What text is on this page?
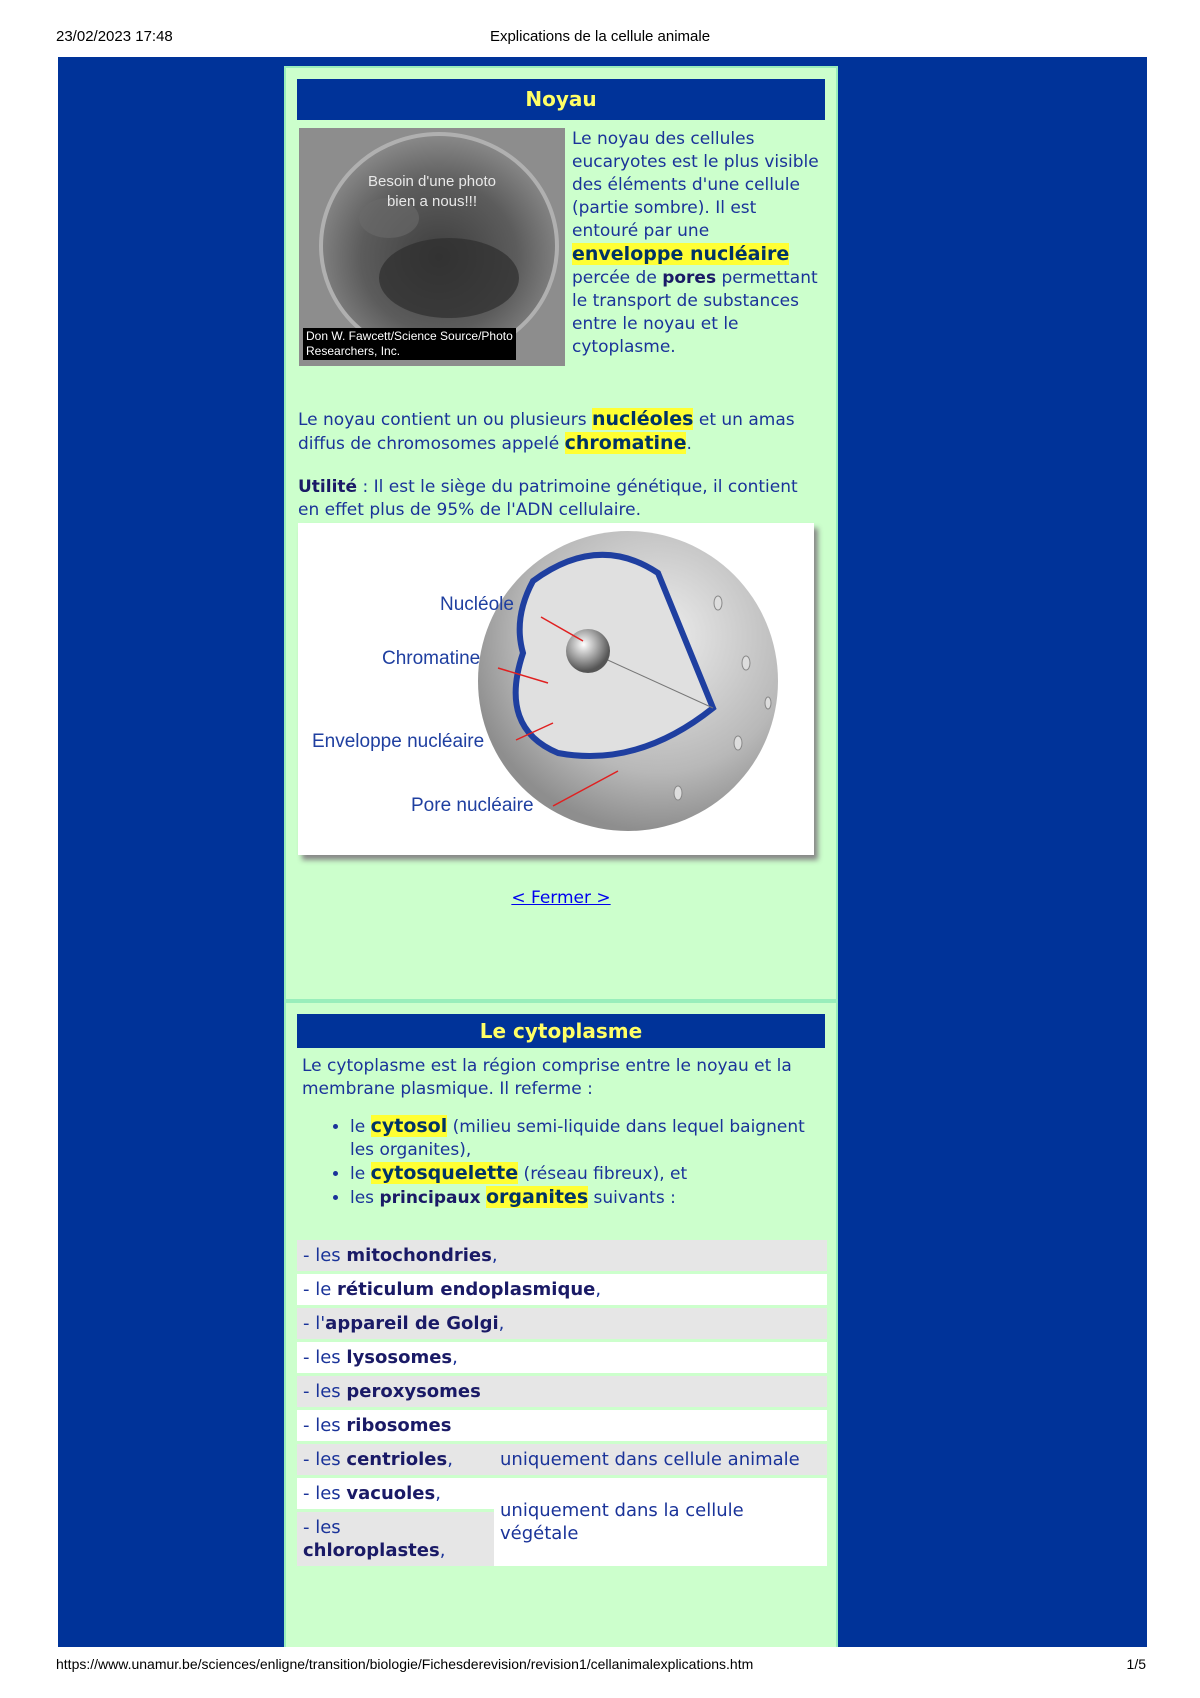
23/02/2023 17:48	Explications de la cellule animale
Noyau
Besoin d'une photo
bien a nous!!!
Don W. Fawcett/Science Source/Photo
Researchers, Inc.
Le noyau des cellules eucaryotes est le plus visible des éléments d'une cellule (partie sombre). Il est entouré par une enveloppe nucléaire percée de pores permettant le transport de substances entre le noyau et le cytoplasme.
Le noyau contient un ou plusieurs nucléoles et un amas diffus de chromosomes appelé chromatine.
Utilité : Il est le siège du patrimoine génétique, il contient en effet plus de 95% de l'ADN cellulaire.
Nucléole
Chromatine
Enveloppe nucléaire
Pore nucléaire
< Fermer >
Le cytoplasme
Le cytoplasme est la région comprise entre le noyau et la membrane plasmique. Il referme :
• le cytosol (milieu semi-liquide dans lequel baignent les organites),
• le cytosquelette (réseau fibreux), et
• les principaux organites suivants :
- les mitochondries,	
- le réticulum endoplasmique,	
- l'appareil de Golgi,	
- les lysosomes,	
- les peroxysomes	
- les ribosomes	
- les centrioles,	uniquement dans cellule animale
- les vacuoles,	uniquement dans la cellule végétale
- les chloroplastes,	
https://www.unamur.be/sciences/enligne/transition/biologie/Fichesderevision/revision1/cellanimalexplications.htm	1/5
